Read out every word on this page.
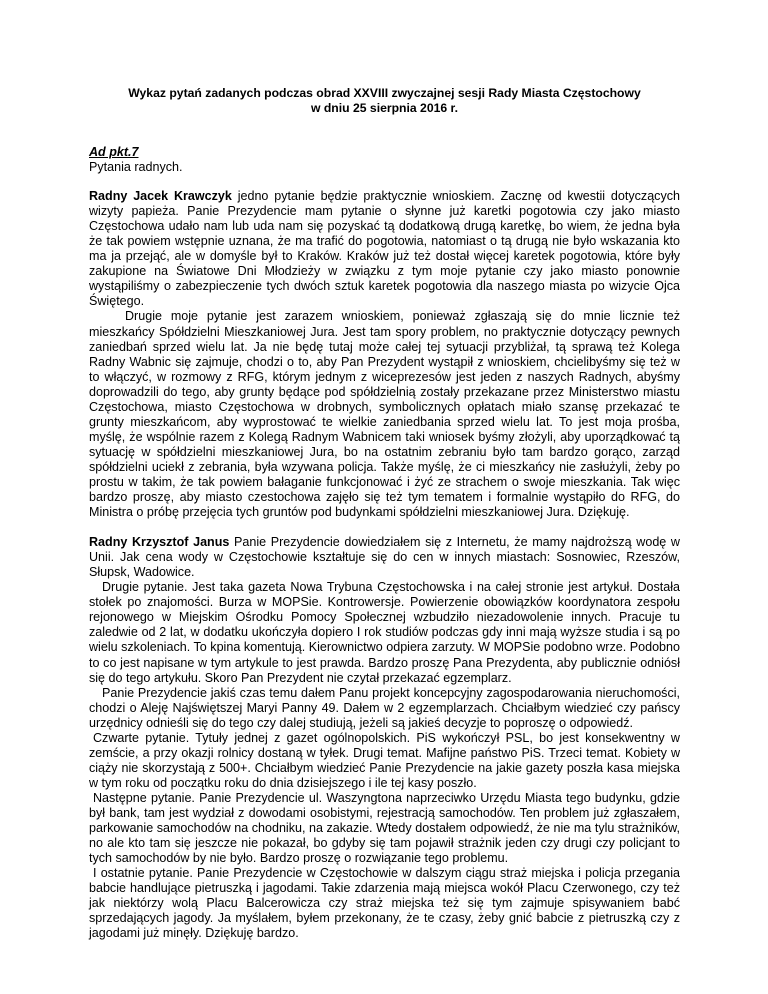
Wykaz pytań zadanych podczas obrad XXVIII zwyczajnej sesji Rady Miasta Częstochowy

w dniu 25 sierpnia 2016 r.

Ad pkt.7
Pytania radnych.

Radny Jacek Krawczyk jedno pytanie będzie praktycznie wnioskiem. Zacznę od kwestii dotyczących wizyty papieża. Panie Prezydencie mam pytanie o słynne już karetki pogotowia czy jako miasto Częstochowa udało nam lub uda nam się pozyskać tą dodatkową drugą karetkę, bo wiem, że jedna była że tak powiem wstępnie uznana, że ma trafić do pogotowia, natomiast o tą drugą nie było wskazania kto ma ja przejąć, ale w domyśle był to Kraków. Kraków już też dostał więcej karetek pogotowia, które były zakupione na Światowe Dni Młodzieży w związku z tym moje pytanie czy jako miasto ponownie wystąpiliśmy o zabezpieczenie tych dwóch sztuk karetek pogotowia dla naszego miasta po wizycie Ojca Świętego.

Drugie moje pytanie jest zarazem wnioskiem, ponieważ zgłaszają się do mnie licznie też mieszkańcy Spółdzielni Mieszkaniowej Jura. Jest tam spory problem, no praktycznie dotyczący pewnych zaniedbań sprzed wielu lat. Ja nie będę tutaj może całej tej sytuacji przybliżał, tą sprawą też Kolega Radny Wabnic się zajmuje, chodzi o to, aby Pan Prezydent wystąpił z wnioskiem, chcielibyśmy się też w to włączyć, w rozmowy z RFG, którym jednym z wiceprezesów jest jeden z naszych Radnych, abyśmy doprowadzili do tego, aby grunty będące pod spółdzielnią zostały przekazane przez Ministerstwo miastu Częstochowa, miasto Częstochowa w drobnych, symbolicznych opłatach miało szansę przekazać te grunty mieszkańcom, aby wyprostować te wielkie zaniedbania sprzed wielu lat. To jest moja prośba, myślę, że wspólnie razem z Kolegą Radnym Wabnicem taki wniosek byśmy złożyli, aby uporządkować tą sytuację w spółdzielni mieszkaniowej Jura, bo na ostatnim zebraniu było tam bardzo gorąco, zarząd spółdzielni uciekł z zebrania, była wzywana policja. Także myślę, że ci mieszkańcy nie zasłużyli, żeby po prostu w takim, że tak powiem bałaganie funkcjonować i żyć ze strachem o swoje mieszkania. Tak więc bardzo proszę, aby miasto czestochowa zajęło się też tym tematem i formalnie wystąpiło do RFG, do Ministra o próbę przejęcia tych gruntów pod budynkami spółdzielni mieszkaniowej Jura. Dziękuję.

Radny Krzysztof Janus Panie Prezydencie dowiedziałem się z Internetu, że mamy najdroższą wodę w Unii. Jak cena wody w Częstochowie kształtuje się do cen w innych miastach: Sosnowiec, Rzeszów, Słupsk, Wadowice.

Drugie pytanie. Jest taka gazeta Nowa Trybuna Częstochowska i na całej stronie jest artykuł. Dostała stołek po znajomości. Burza w MOPSie. Kontrowersje. Powierzenie obowiązków koordynatora zespołu rejonowego w Miejskim Ośrodku Pomocy Społecznej wzbudziło niezadowolenie innych. Pracuje tu zaledwie od 2 lat, w dodatku ukończyła dopiero I rok studiów podczas gdy inni mają wyższe studia i są po wielu szkoleniach. To kpina komentują. Kierownictwo odpiera zarzuty. W MOPSie podobno wrze. Podobno to co jest napisane w tym artykule to jest prawda. Bardzo proszę Pana Prezydenta, aby publicznie odniósł się do tego artykułu. Skoro Pan Prezydent nie czytał przekazać egzemplarz.

Panie Prezydencie jakiś czas temu dałem Panu projekt koncepcyjny zagospodarowania nieruchomości, chodzi o Aleję Najświętszej Maryi Panny 49. Dałem w 2 egzemplarzach. Chciałbym wiedzieć czy pańscy urzędnicy odnieśli się do tego czy dalej studiują, jeżeli są jakieś decyzje to poproszę o odpowiedź.

Czwarte pytanie. Tytuły jednej z gazet ogólnopolskich. PiS wykończył PSL, bo jest konsekwentny w zemście, a przy okazji rolnicy dostaną w tyłek. Drugi temat. Mafijne państwo PiS. Trzeci temat. Kobiety w ciąży nie skorzystają z 500+. Chciałbym wiedzieć Panie Prezydencie na jakie gazety poszła kasa miejska w tym roku od początku roku do dnia dzisiejszego i ile tej kasy poszło.

Następne pytanie. Panie Prezydencie ul. Waszyngtona naprzeciwko Urzędu Miasta tego budynku, gdzie był bank, tam jest wydział z dowodami osobistymi, rejestracją samochodów. Ten problem już zgłaszałem, parkowanie samochodów na chodniku, na zakazie. Wtedy dostałem odpowiedź, że nie ma tylu strażników, no ale kto tam się jeszcze nie pokazał, bo gdyby się tam pojawił strażnik jeden czy drugi czy policjant to tych samochodów by nie było. Bardzo proszę o rozwiązanie tego problemu.

I ostatnie pytanie. Panie Prezydencie w Częstochowie w dalszym ciągu straż miejska i policja przegania babcie handlujące pietruszką i jagodami. Takie zdarzenia mają miejsca wokół Placu Czerwonego, czy też jak niektórzy wolą Placu Balcerowicza czy straż miejska też się tym zajmuje spisywaniem babć sprzedających jagody. Ja myślałem, byłem przekonany, że te czasy, żeby gnić babcie z pietruszką czy z jagodami już minęły. Dziękuję bardzo.
